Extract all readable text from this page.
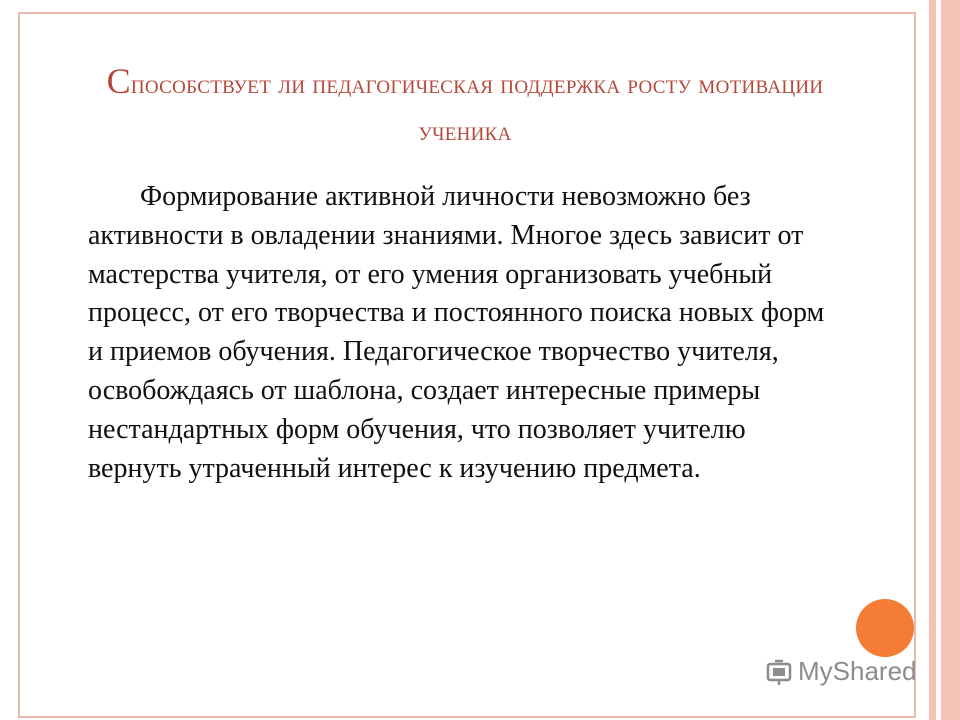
Способствует ли педагогическая поддержка росту мотивации ученика
Формирование активной личности невозможно без активности в овладении знаниями. Многое здесь зависит от мастерства учителя, от его умения организовать учебный процесс, от его творчества и постоянного поиска новых форм и приемов обучения. Педагогическое творчество учителя, освобождаясь от шаблона, создает интересные примеры нестандартных форм обучения, что позволяет учителю вернуть утраченный интерес к изучению предмета.
MyShared
